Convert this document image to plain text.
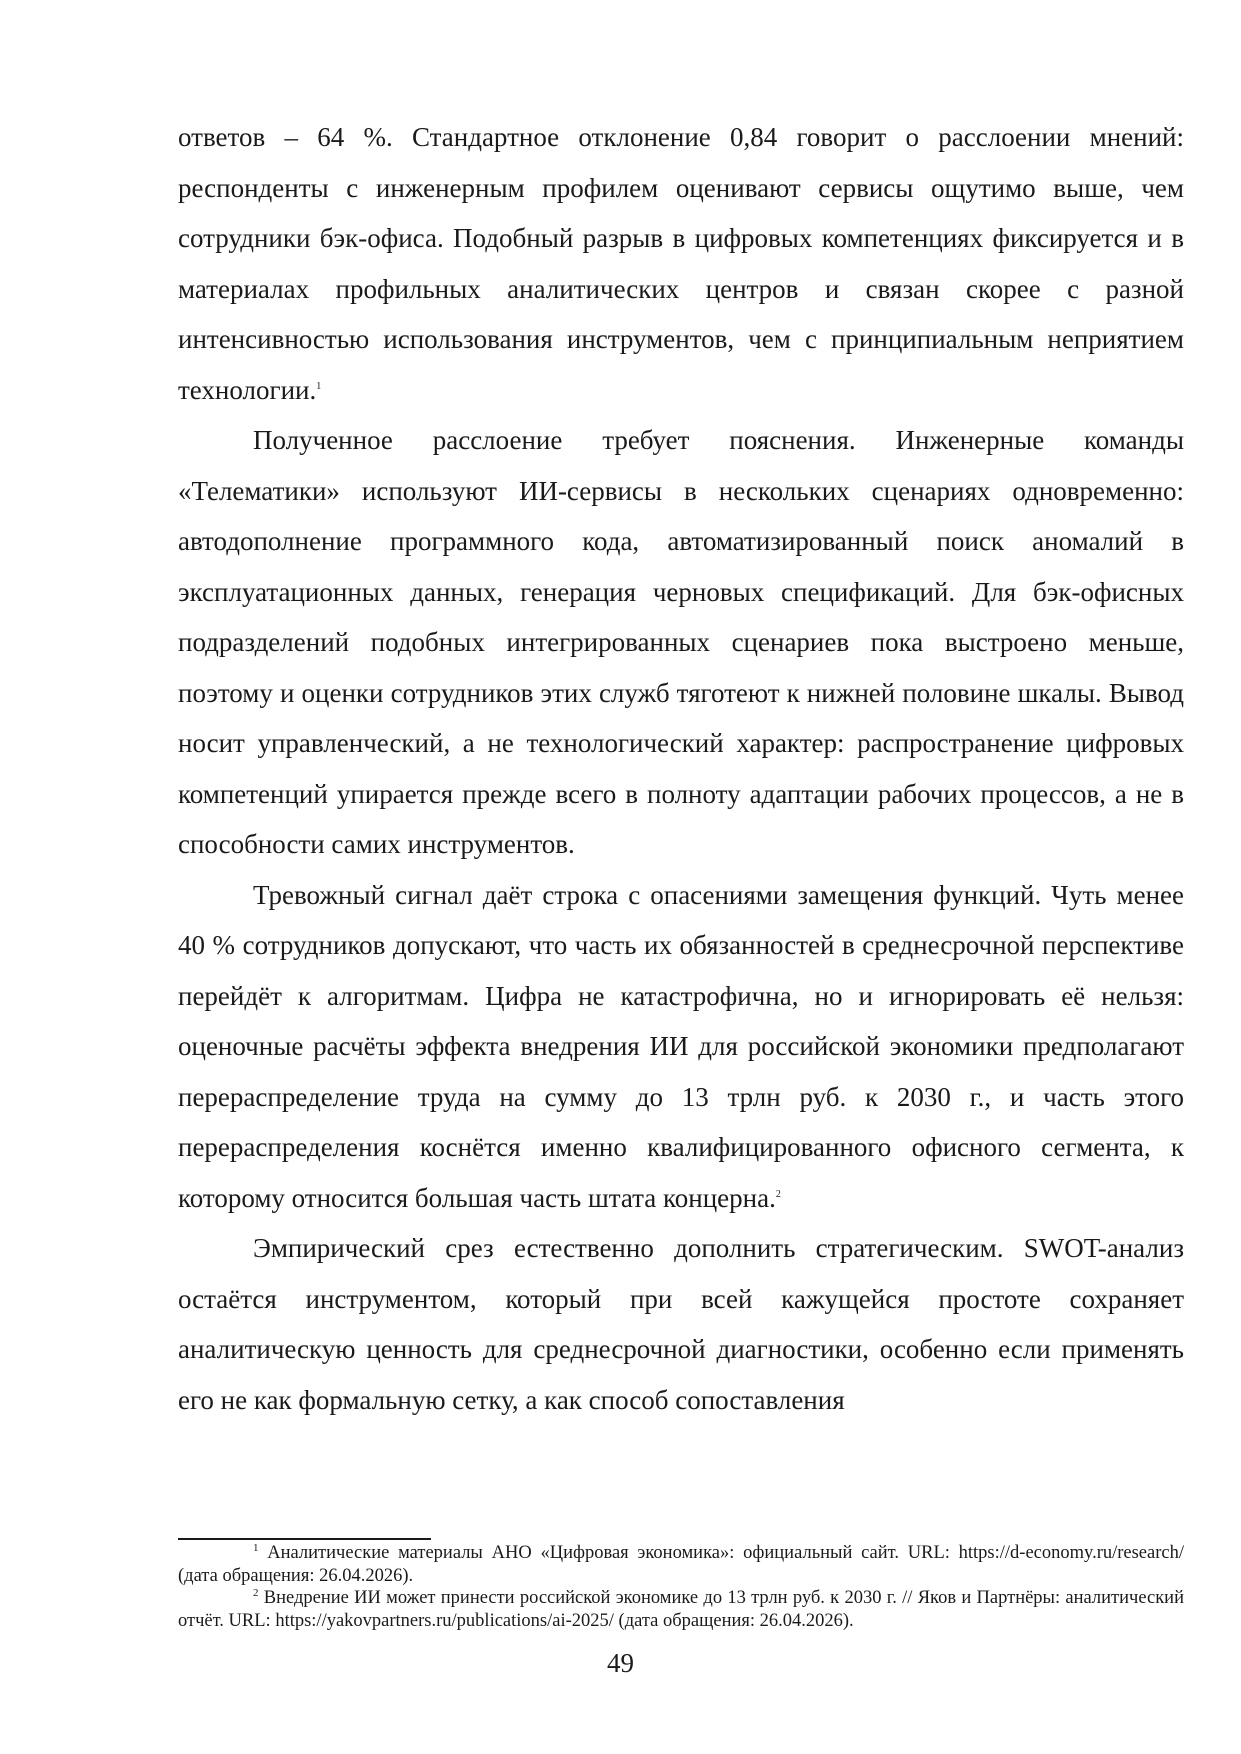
ответов – 64 %. Стандартное отклонение 0,84 говорит о расслоении мнений: респонденты с инженерным профилем оценивают сервисы ощутимо выше, чем сотрудники бэк-офиса. Подобный разрыв в цифровых компетенциях фиксируется и в материалах профильных аналитических центров и связан скорее с разной интенсивностью использования инструментов, чем с принципиальным неприятием технологии.$^1$

Полученное расслоение требует пояснения. Инженерные команды «Телематики» используют ИИ-сервисы в нескольких сценариях одновременно: автодополнение программного кода, автоматизированный поиск аномалий в эксплуатационных данных, генерация черновых спецификаций. Для бэк-офисных подразделений подобных интегрированных сценариев пока выстроено меньше, поэтому и оценки сотрудников этих служб тяготеют к нижней половине шкалы. Вывод носит управленческий, а не технологический характер: распространение цифровых компетенций упирается прежде всего в полноту адаптации рабочих процессов, а не в способности самих инструментов.

Тревожный сигнал даёт строка с опасениями замещения функций. Чуть менее 40 % сотрудников допускают, что часть их обязанностей в среднесрочной перспективе перейдёт к алгоритмам. Цифра не катастрофична, но и игнорировать её нельзя: оценочные расчёты эффекта внедрения ИИ для российской экономики предполагают перераспределение труда на сумму до 13 трлн руб. к 2030 г., и часть этого перераспределения коснётся именно квалифицированного офисного сегмента, к которому относится большая часть штата концерна.$^2$

Эмпирический срез естественно дополнить стратегическим. SWOT-анализ остаётся инструментом, который при всей кажущейся простоте сохраняет аналитическую ценность для среднесрочной диагностики, особенно если применять его не как формальную сетку, а как способ сопоставления

$^1$ Аналитические материалы АНО «Цифровая экономика»: официальный сайт. URL: https://d-economy.ru/research/ (дата обращения: 26.04.2026).

$^2$ Внедрение ИИ может принести российской экономике до 13 трлн руб. к 2030 г. // Яков и Партнёры: аналитический отчёт. URL: https://yakovpartners.ru/publications/ai-2025/ (дата обращения: 26.04.2026).

49
